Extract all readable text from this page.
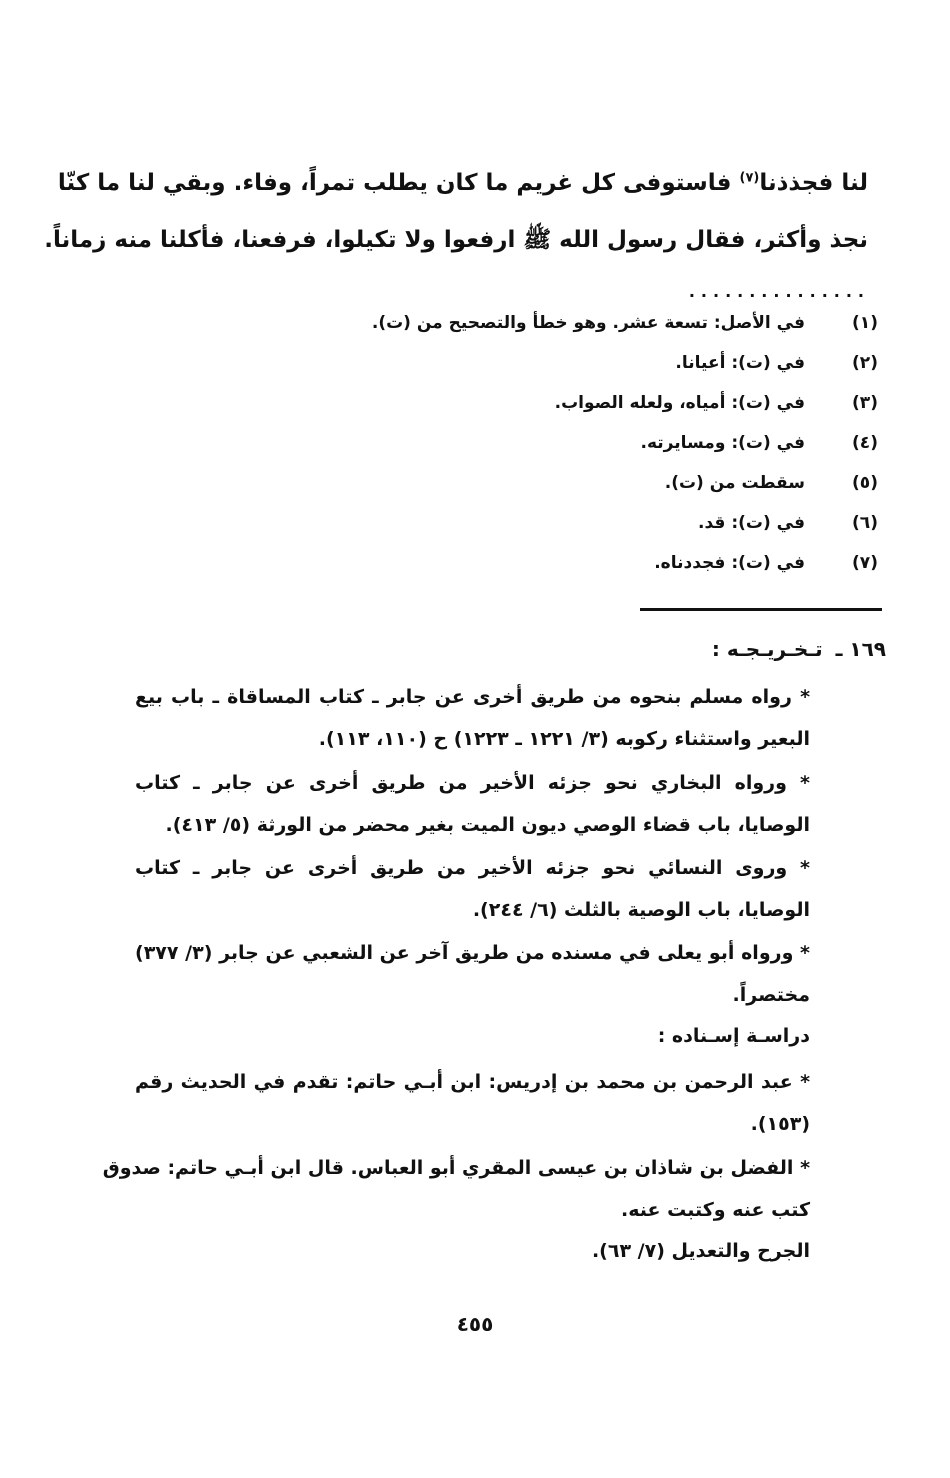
لنا فجذذنا$^{(٧)}$ فاستوفى كل غريم ما كان يطلب تمراً، وفاء. وبقي لنا ما كنّا
نجذ وأكثر، فقال رسول الله ﷺ ارفعوا ولا تكيلوا، فرفعنا، فأكلنا منه زماناً.
...............
(١)
في الأصل: تسعة عشر. وهو خطأ والتصحيح من (ت).
(٢)
في (ت): أعيانا.
(٣)
في (ت): أمياه، ولعله الصواب.
(٤)
في (ت): ومسايرته.
(٥)
سقطت من (ت).
(٦)
في (ت): قد.
(٧)
في (ت): فجددناه.
١٦٩ ـ تـخـريـجـه :
* رواه مسلم بنحوه من طريق أخرى عن جابر ـ كتاب المساقاة ـ باب بيع
البعير واستثناء ركوبه (٣/ ١٢٢١ ـ ١٢٢٣) ح (١١٠، ١١٣).
* ورواه البخاري نحو جزئه الأخير من طريق أخرى عن جابر ـ كتاب
الوصايا، باب قضاء الوصي ديون الميت بغير محضر من الورثة (٥/ ٤١٣).
* وروى النسائي نحو جزئه الأخير من طريق أخرى عن جابر ـ كتاب
الوصايا، باب الوصية بالثلث (٦/ ٢٤٤).
* ورواه أبو يعلى في مسنده من طريق آخر عن الشعبي عن جابر (٣/ ٣٧٧)
مختصراً.
دراسـة إسـناده :
* عبد الرحمن بن محمد بن إدريس: ابن أبـي حاتم: تقدم في الحديث رقم
(١٥٣).
* الفضل بن شاذان بن عيسى المقري أبو العباس. قال ابن أبـي حاتم: صدوق
كتب عنه وكتبت عنه.
الجرح والتعديل (٧/ ٦٣).
٤٥٥
